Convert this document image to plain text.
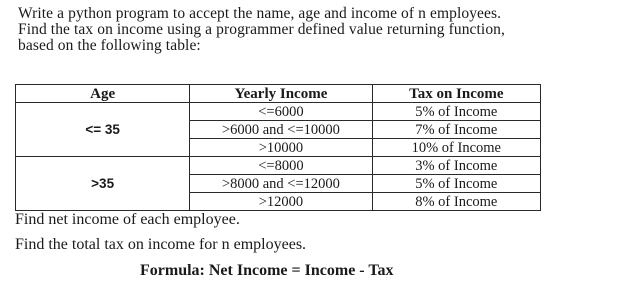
Write a python program to accept the name, age and income of n employees.
Find the tax on income using a programmer defined value returning function,
based on the following table:
Age	Yearly Income	Tax on Income
<= 35	<=6000	5% of Income
	>6000 and <=10000	7% of Income
	>10000	10% of Income
>35	<=8000	3% of Income
	>8000 and <=12000	5% of Income
	>12000	8% of Income
Find net income of each employee.
Find the total tax on income for n employees.
Formula: Net Income = Income - Tax
